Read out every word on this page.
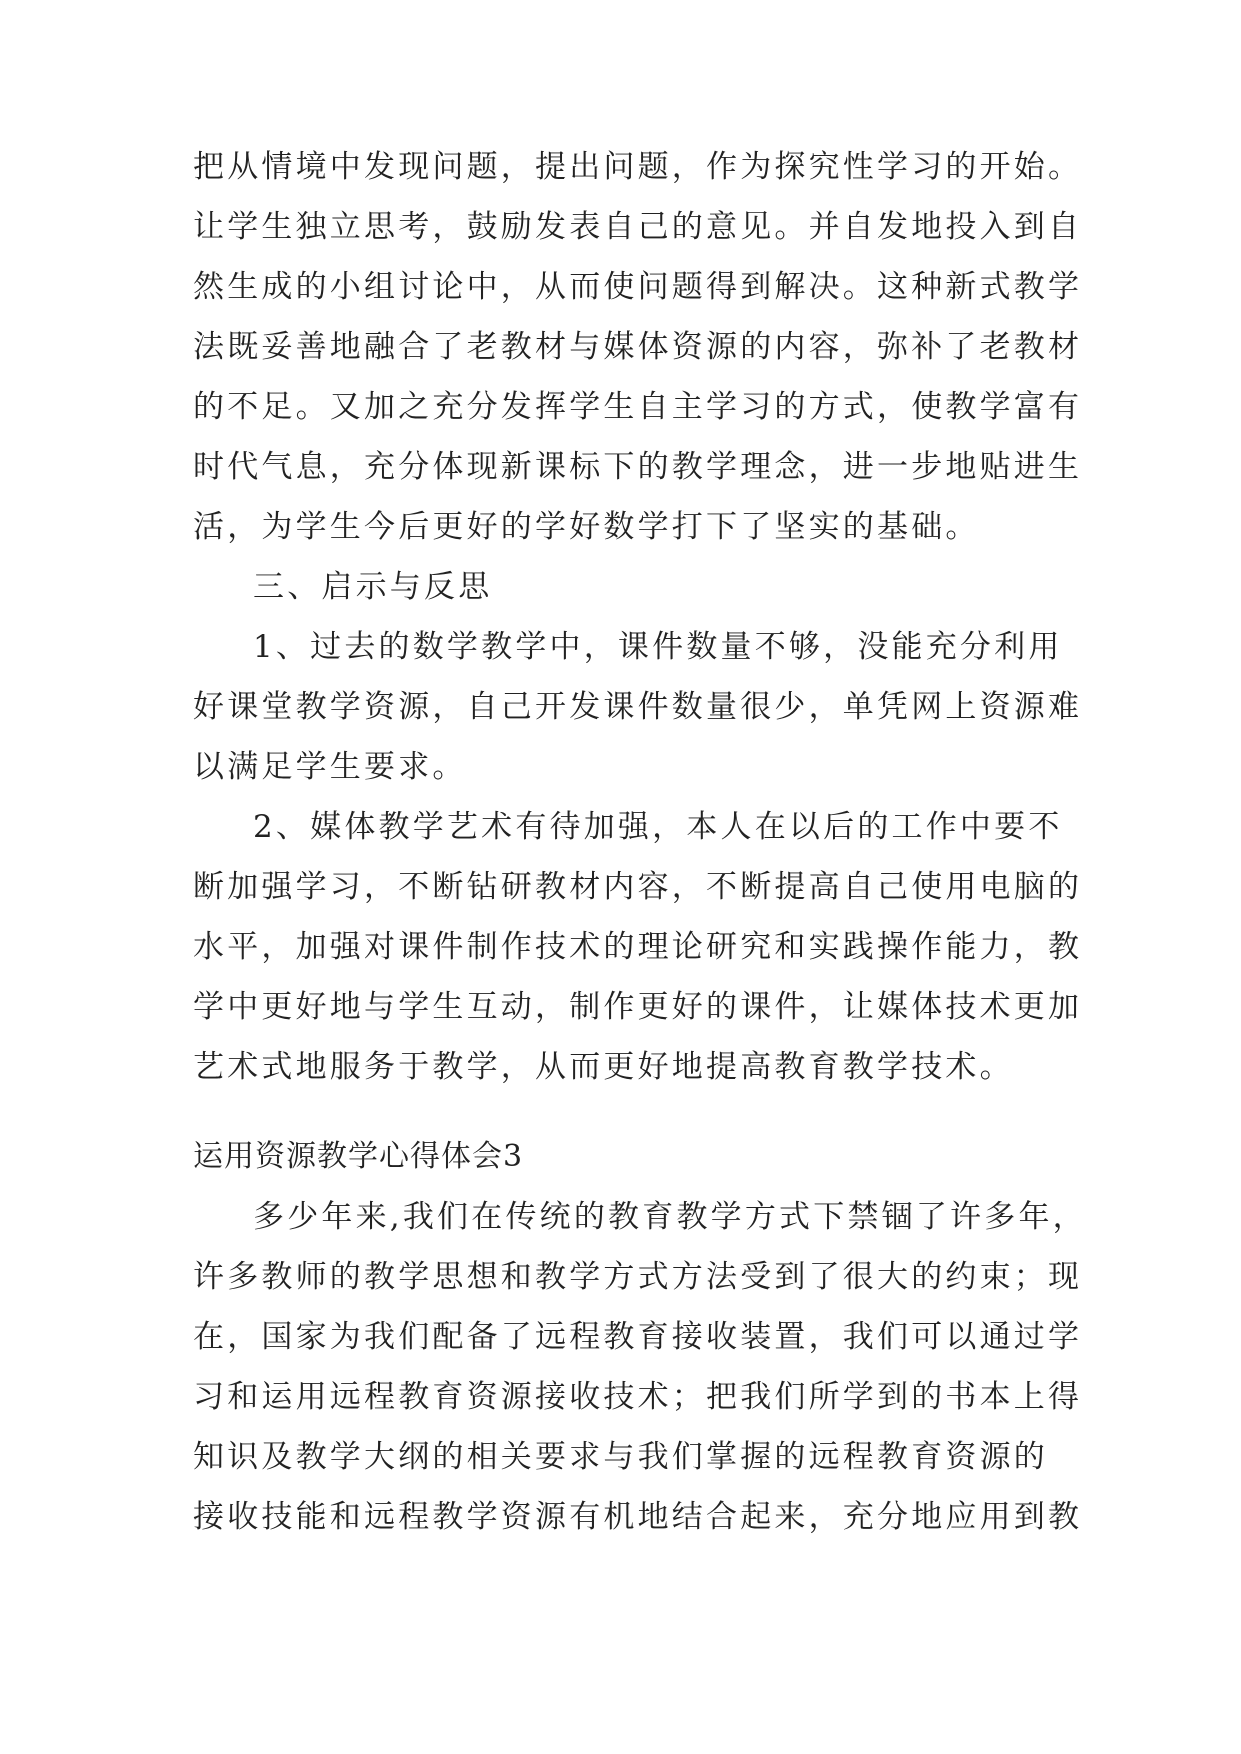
把从情境中发现问题，提出问题，作为探究性学习的开始。
让学生独立思考，鼓励发表自己的意见。并自发地投入到自
然生成的小组讨论中，从而使问题得到解决。这种新式教学
法既妥善地融合了老教材与媒体资源的内容，弥补了老教材
的不足。又加之充分发挥学生自主学习的方式，使教学富有
时代气息，充分体现新课标下的教学理念，进一步地贴进生
活，为学生今后更好的学好数学打下了坚实的基础。
三、启示与反思
1、过去的数学教学中，课件数量不够，没能充分利用
好课堂教学资源，自己开发课件数量很少，单凭网上资源难
以满足学生要求。
2、媒体教学艺术有待加强，本人在以后的工作中要不
断加强学习，不断钻研教材内容，不断提高自己使用电脑的
水平，加强对课件制作技术的理论研究和实践操作能力，教
学中更好地与学生互动，制作更好的课件，让媒体技术更加
艺术式地服务于教学，从而更好地提高教育教学技术。
运用资源教学心得体会3
多少年来,我们在传统的教育教学方式下禁锢了许多年，
许多教师的教学思想和教学方式方法受到了很大的约束；现
在，国家为我们配备了远程教育接收装置，我们可以通过学
习和运用远程教育资源接收技术；把我们所学到的书本上得
知识及教学大纲的相关要求与我们掌握的远程教育资源的
接收技能和远程教学资源有机地结合起来，充分地应用到教
